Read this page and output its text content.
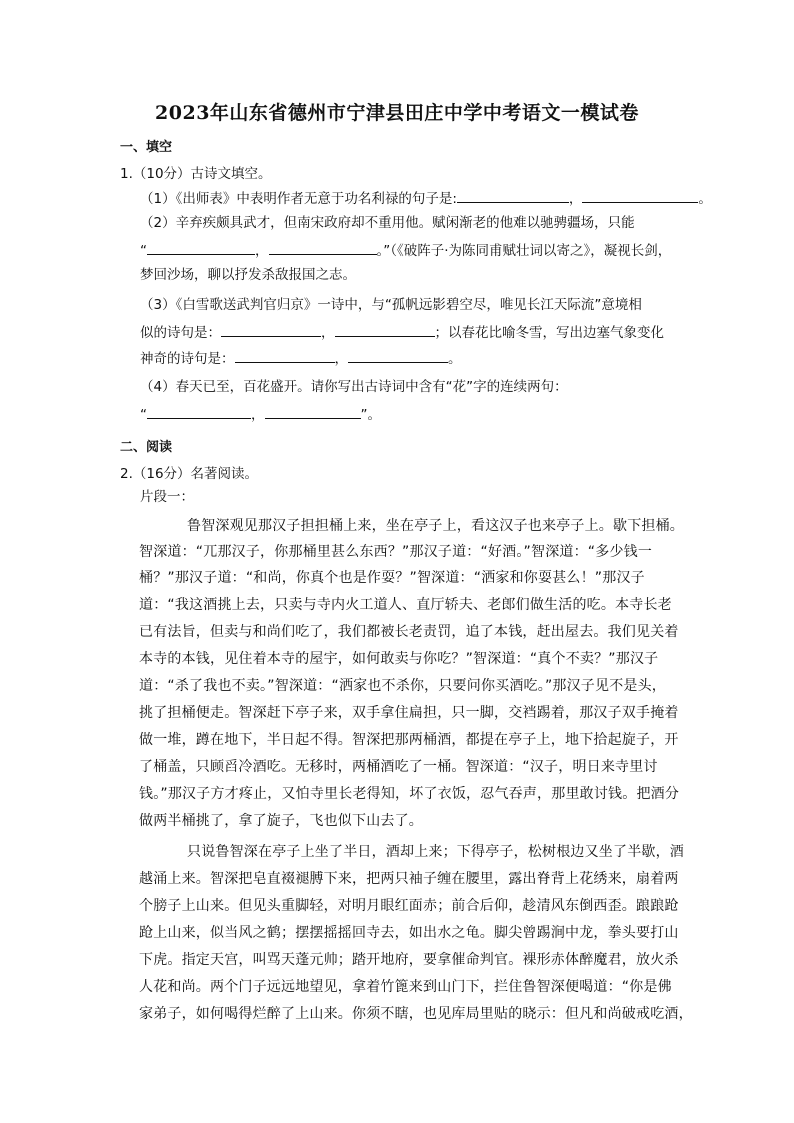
2023年山东省德州市宁津县田庄中学中考语文一模试卷
一、填空
1.（10分）古诗文填空。
（1）《出师表》中表明作者无意于功名利禄的句子是:	，	。
（2）辛弃疾颇具武才，但南宋政府却不重用他。赋闲渐老的他难以驰骋疆场，只能
“	，	。”（《破阵子·为陈同甫赋壮词以寄之》，凝视长剑，
梦回沙场，聊以抒发杀敌报国之志。
（3）《白雪歌送武判官归京》一诗中，与“孤帆远影碧空尽，唯见长江天际流”意境相
似的诗句是：	，	；以春花比喻冬雪，写出边塞气象变化
神奇的诗句是：	，	。
（4）春天已至，百花盛开。请你写出古诗词中含有“花”字的连续两句：
“	，	”。
二、阅读
2.（16分）名著阅读。
片段一：
鲁智深观见那汉子担担桶上来，坐在亭子上，看这汉子也来亭子上。歇下担桶。
智深道：“兀那汉子，你那桶里甚么东西？”那汉子道：“好酒。”智深道：“多少钱一
桶？”那汉子道：“和尚，你真个也是作耍？”智深道：“洒家和你耍甚么！”那汉子
道：“我这酒挑上去，只卖与寺内火工道人、直厅轿夫、老郎们做生活的吃。本寺长老
已有法旨，但卖与和尚们吃了，我们都被长老责罚，追了本钱，赶出屋去。我们见关着
本寺的本钱，见住着本寺的屋宇，如何敢卖与你吃？”智深道：“真个不卖？”那汉子
道：“杀了我也不卖。”智深道：“洒家也不杀你，只要问你买酒吃。”那汉子见不是头，
挑了担桶便走。智深赶下亭子来，双手拿住扁担，只一脚，交裆踢着，那汉子双手掩着
做一堆，蹲在地下，半日起不得。智深把那两桶酒，都提在亭子上，地下拾起旋子，开
了桶盖，只顾舀冷酒吃。无移时，两桶酒吃了一桶。智深道：“汉子，明日来寺里讨
钱。”那汉子方才疼止，又怕寺里长老得知，坏了衣饭，忍气吞声，那里敢讨钱。把酒分
做两半桶挑了，拿了旋子，飞也似下山去了。
只说鲁智深在亭子上坐了半日，酒却上来；下得亭子，松树根边又坐了半歇，酒
越涌上来。智深把皂直裰褪膊下来，把两只袖子缠在腰里，露出脊背上花绣来，扇着两
个膀子上山来。但见头重脚轻，对明月眼红面赤；前合后仰，趁清风东倒西歪。踉踉跄
跄上山来，似当风之鹤；摆摆摇摇回寺去，如出水之龟。脚尖曾踢涧中龙，拳头要打山
下虎。指定天宫，叫骂天蓬元帅；踏开地府，要拿催命判官。裸形赤体醉魔君，放火杀
人花和尚。两个门子远远地望见，拿着竹篦来到山门下，拦住鲁智深便喝道：“你是佛
家弟子，如何喝得烂醉了上山来。你须不瞎，也见库局里贴的晓示：但凡和尚破戒吃酒，
